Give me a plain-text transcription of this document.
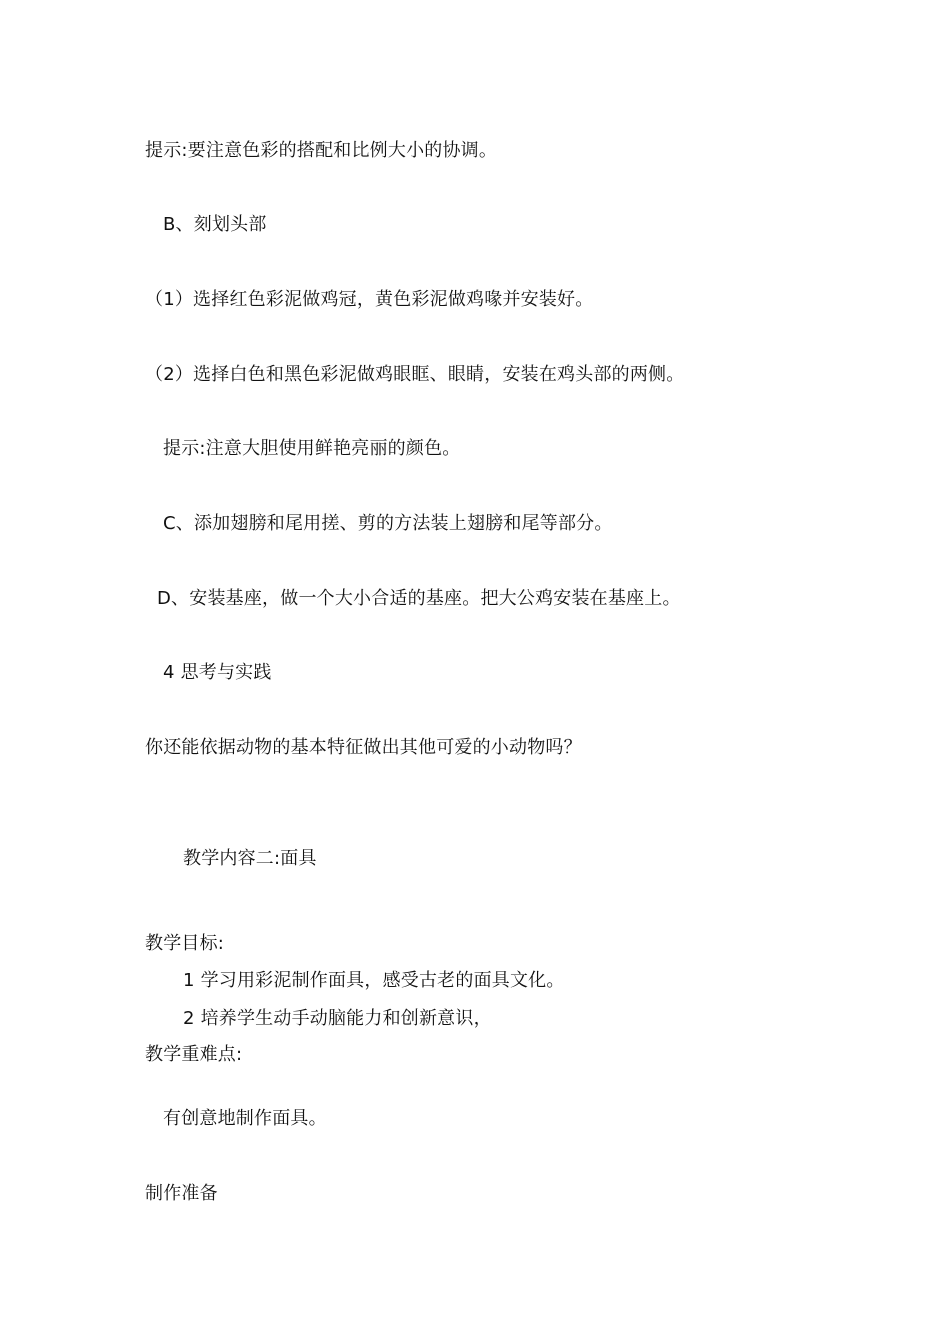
提示:要注意色彩的搭配和比例大小的协调。
B、刻划头部
（1）选择红色彩泥做鸡冠，黄色彩泥做鸡喙并安装好。
（2）选择白色和黑色彩泥做鸡眼眶、眼睛，安装在鸡头部的两侧。
提示:注意大胆使用鲜艳亮丽的颜色。
C、添加翅膀和尾用搓、剪的方法装上翅膀和尾等部分。
D、安装基座，做一个大小合适的基座。把大公鸡安装在基座上。
4 思考与实践
你还能依据动物的基本特征做出其他可爱的小动物吗？
教学内容二:面具
教学目标:
1 学习用彩泥制作面具，感受古老的面具文化。
2 培养学生动手动脑能力和创新意识，
教学重难点:
有创意地制作面具。
制作准备
